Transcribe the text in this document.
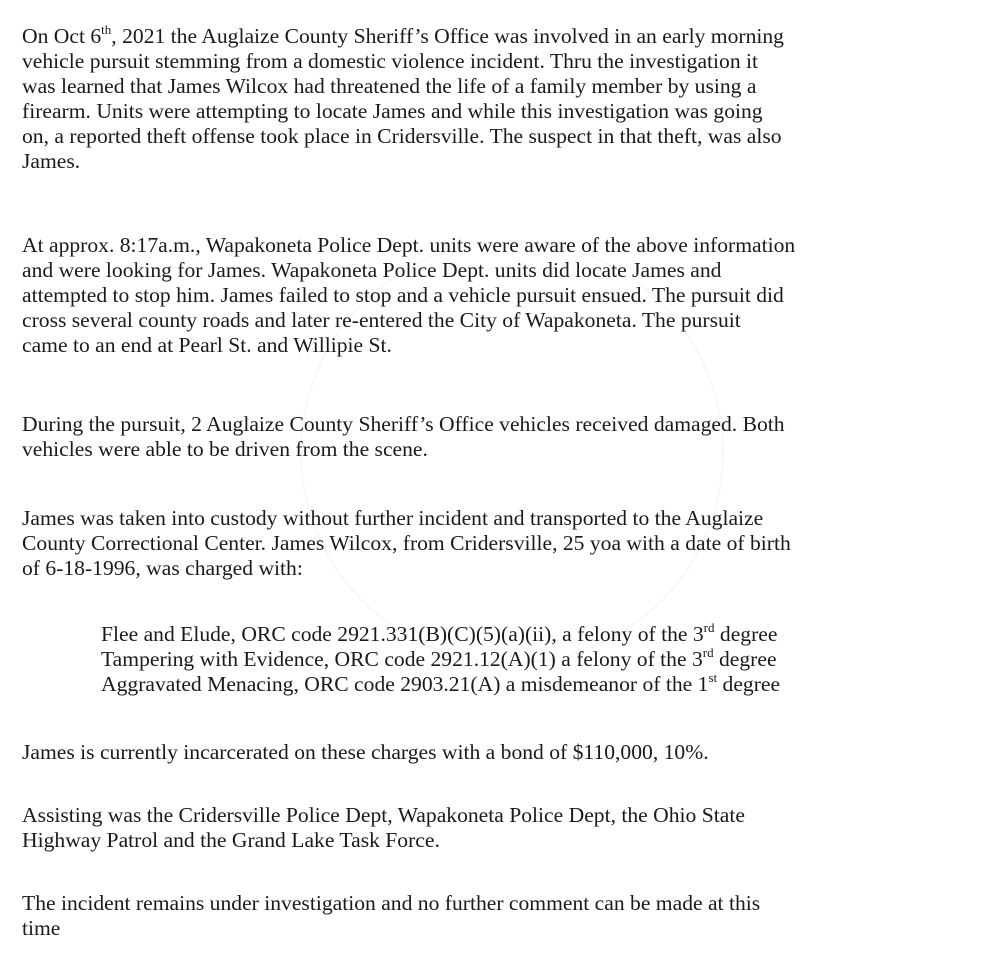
On Oct 6th, 2021 the Auglaize County Sheriff’s Office was involved in an early morning
vehicle pursuit stemming from a domestic violence incident. Thru the investigation it
was learned that James Wilcox had threatened the life of a family member by using a
firearm. Units were attempting to locate James and while this investigation was going
on, a reported theft offense took place in Cridersville. The suspect in that theft, was also
James.
At approx. 8:17a.m., Wapakoneta Police Dept. units were aware of the above information
and were looking for James. Wapakoneta Police Dept. units did locate James and
attempted to stop him. James failed to stop and a vehicle pursuit ensued. The pursuit did
cross several county roads and later re-entered the City of Wapakoneta. The pursuit
came to an end at Pearl St. and Willipie St.
During the pursuit, 2 Auglaize County Sheriff’s Office vehicles received damaged. Both
vehicles were able to be driven from the scene.
James was taken into custody without further incident and transported to the Auglaize
County Correctional Center. James Wilcox, from Cridersville, 25 yoa with a date of birth
of 6-18-1996, was charged with:
Flee and Elude, ORC code 2921.331(B)(C)(5)(a)(ii), a felony of the 3rd degree
Tampering with Evidence, ORC code 2921.12(A)(1) a felony of the 3rd degree
Aggravated Menacing, ORC code 2903.21(A) a misdemeanor of the 1st degree
James is currently incarcerated on these charges with a bond of $110,000, 10%.
Assisting was the Cridersville Police Dept, Wapakoneta Police Dept, the Ohio State
Highway Patrol and the Grand Lake Task Force.
The incident remains under investigation and no further comment can be made at this
time
